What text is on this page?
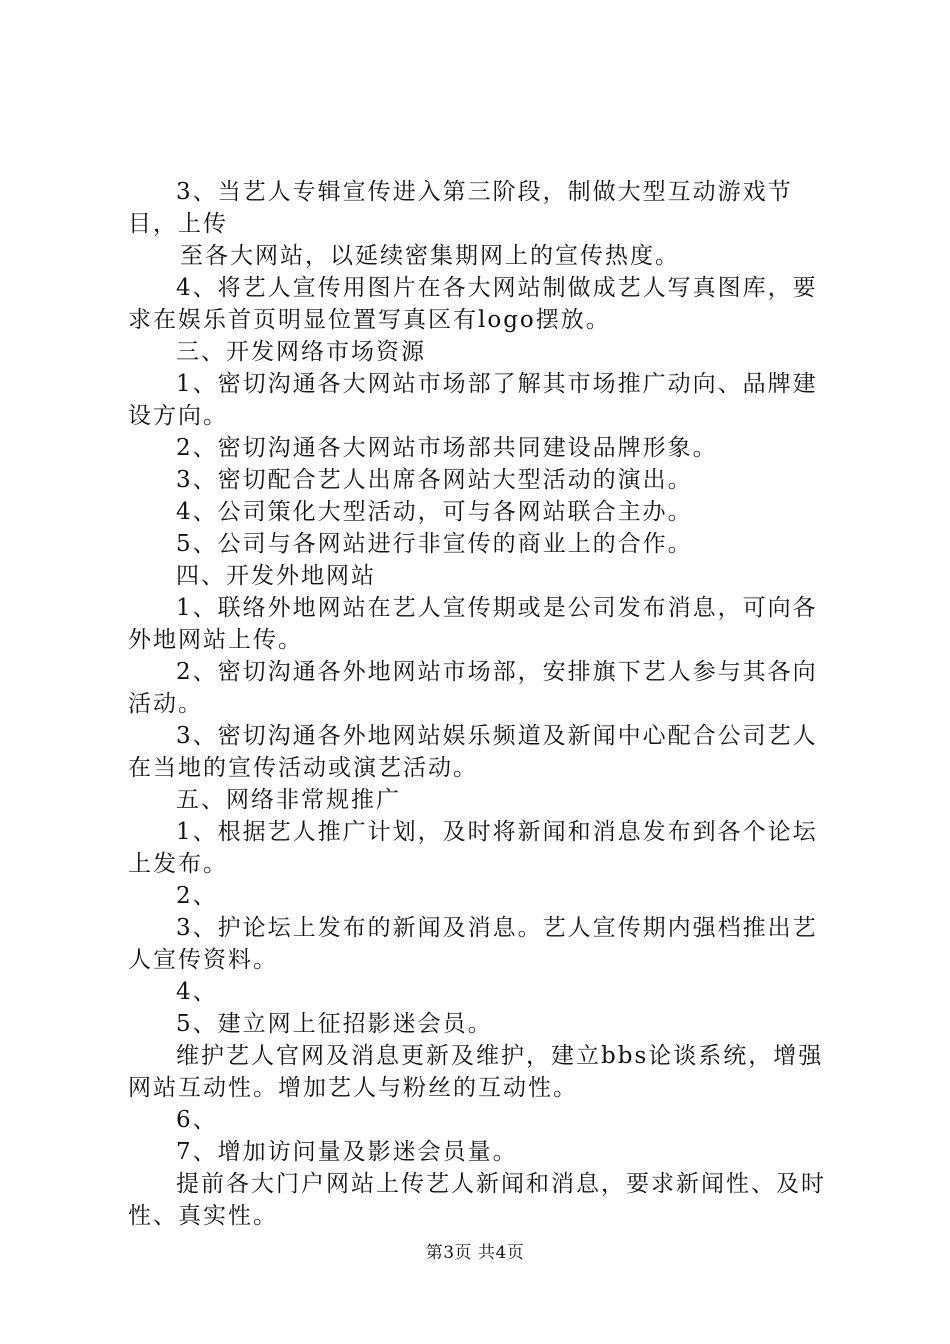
3、当艺人专辑宣传进入第三阶段，制做大型互动游戏节目，上传

至各大网站，以延续密集期网上的宣传热度。

4、将艺人宣传用图片在各大网站制做成艺人写真图库，要求在娱乐首页明显位置写真区有logo摆放。

三、开发网络市场资源

1、密切沟通各大网站市场部了解其市场推广动向、品牌建设方向。

2、密切沟通各大网站市场部共同建设品牌形象。

3、密切配合艺人出席各网站大型活动的演出。

4、公司策化大型活动，可与各网站联合主办。

5、公司与各网站进行非宣传的商业上的合作。

四、开发外地网站

1、联络外地网站在艺人宣传期或是公司发布消息，可向各外地网站上传。

2、密切沟通各外地网站市场部，安排旗下艺人参与其各向活动。

3、密切沟通各外地网站娱乐频道及新闻中心配合公司艺人在当地的宣传活动或演艺活动。

五、网络非常规推广

1、根据艺人推广计划，及时将新闻和消息发布到各个论坛上发布。

2、

3、护论坛上发布的新闻及消息。艺人宣传期内强档推出艺人宣传资料。

4、

5、建立网上征招影迷会员。

维护艺人官网及消息更新及维护，建立bbs论谈系统，增强网站互动性。增加艺人与粉丝的互动性。

6、

7、增加访问量及影迷会员量。

提前各大门户网站上传艺人新闻和消息，要求新闻性、及时性、真实性。

第3页 共4页
